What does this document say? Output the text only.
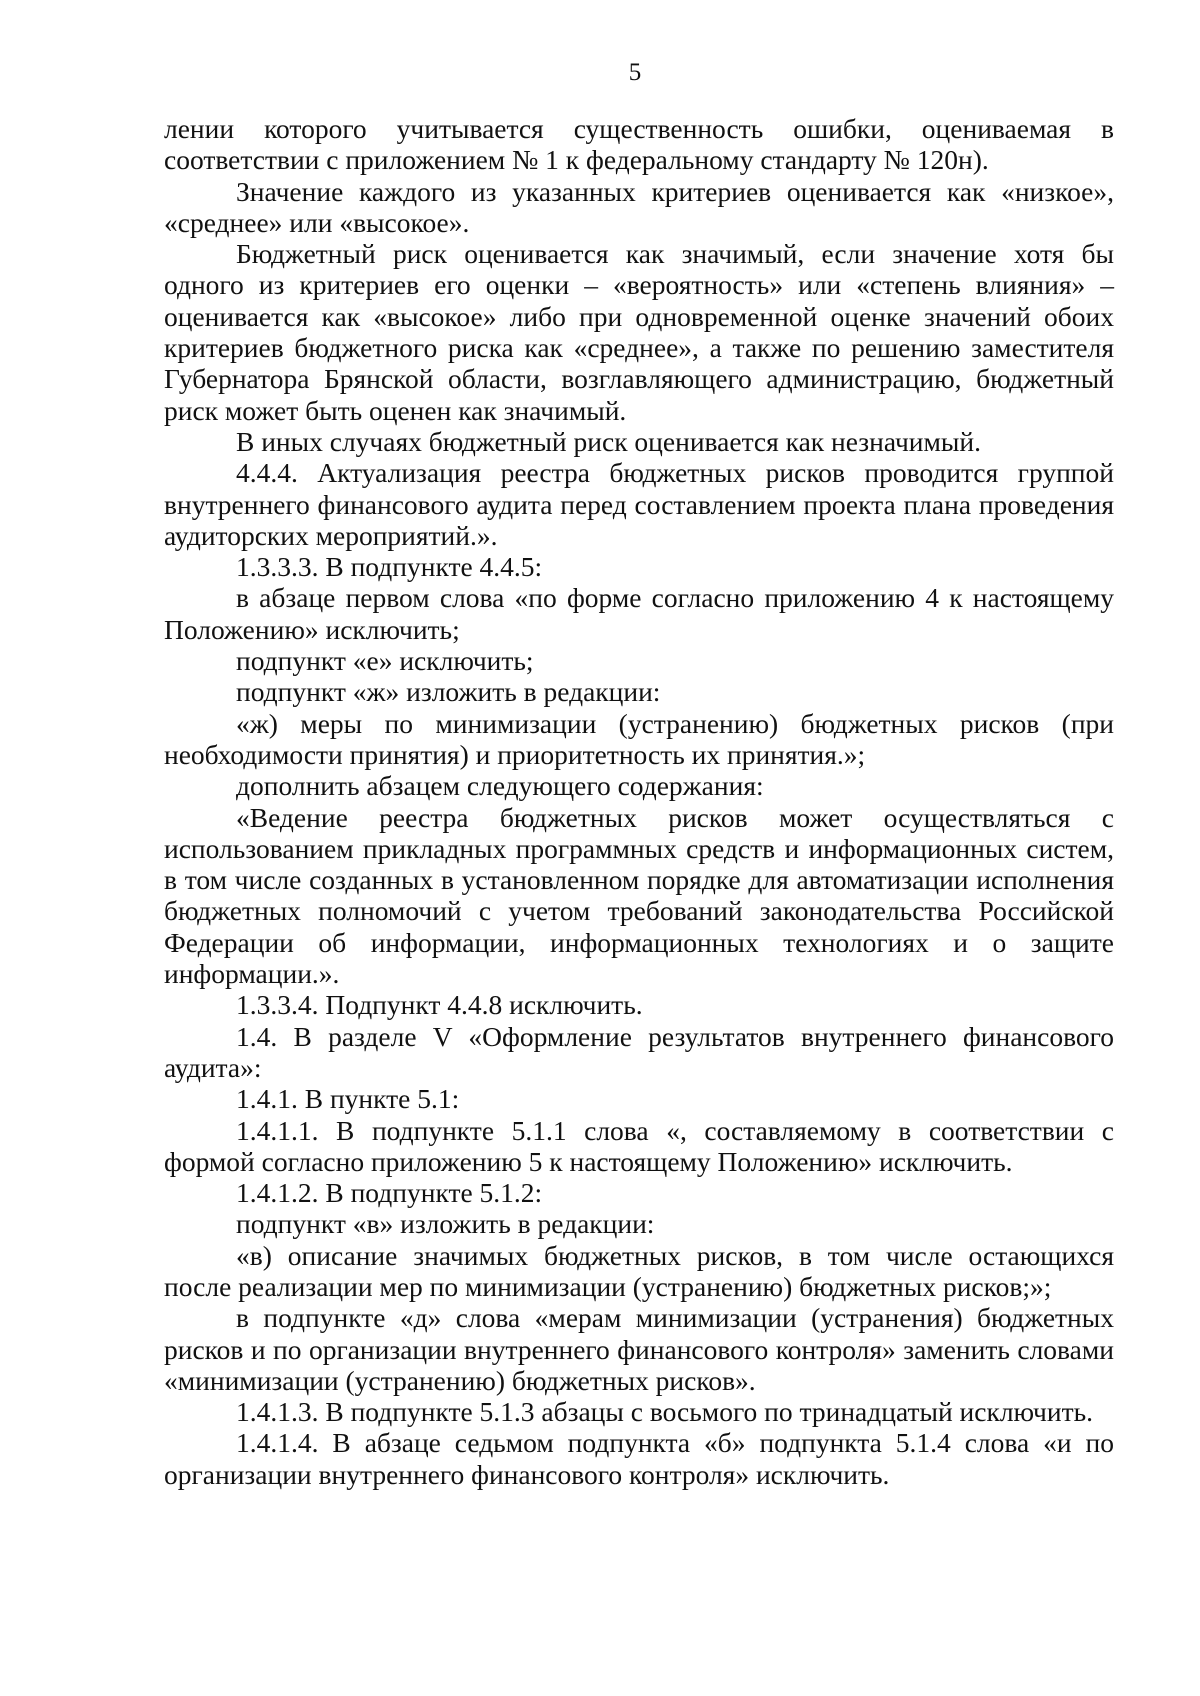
5

лении которого учитывается существенность ошибки, оцениваемая в соответствии с приложением № 1 к федеральному стандарту № 120н).

Значение каждого из указанных критериев оценивается как «низкое», «среднее» или «высокое».

Бюджетный риск оценивается как значимый, если значение хотя бы одного из критериев его оценки – «вероятность» или «степень влияния» – оценивается как «высокое» либо при одновременной оценке значений обоих критериев бюджетного риска как «среднее», а также по решению заместителя Губернатора Брянской области, возглавляющего администрацию, бюджетный риск может быть оценен как значимый.

В иных случаях бюджетный риск оценивается как незначимый.

4.4.4. Актуализация реестра бюджетных рисков проводится группой внутреннего финансового аудита перед составлением проекта плана проведения аудиторских мероприятий.».

1.3.3.3. В подпункте 4.4.5:

в абзаце первом слова «по форме согласно приложению 4 к настоящему Положению» исключить;

подпункт «е» исключить;

подпункт «ж» изложить в редакции:

«ж) меры по минимизации (устранению) бюджетных рисков (при необходимости принятия) и приоритетность их принятия.»;

дополнить абзацем следующего содержания:

«Ведение реестра бюджетных рисков может осуществляться с использованием прикладных программных средств и информационных систем, в том числе созданных в установленном порядке для автоматизации исполнения бюджетных полномочий с учетом требований законодательства Российской Федерации об информации, информационных технологиях и о защите информации.».

1.3.3.4. Подпункт 4.4.8 исключить.

1.4. В разделе V «Оформление результатов внутреннего финансового аудита»:

1.4.1. В пункте 5.1:

1.4.1.1. В подпункте 5.1.1 слова «, составляемому в соответствии с формой согласно приложению 5 к настоящему Положению» исключить.

1.4.1.2. В подпункте 5.1.2:

подпункт «в» изложить в редакции:

«в) описание значимых бюджетных рисков, в том числе остающихся после реализации мер по минимизации (устранению) бюджетных рисков;»;

в подпункте «д» слова «мерам минимизации (устранения) бюджетных рисков и по организации внутреннего финансового контроля» заменить словами «минимизации (устранению) бюджетных рисков».

1.4.1.3. В подпункте 5.1.3 абзацы с восьмого по тринадцатый исключить.

1.4.1.4. В абзаце седьмом подпункта «б» подпункта 5.1.4 слова «и по организации внутреннего финансового контроля» исключить.
